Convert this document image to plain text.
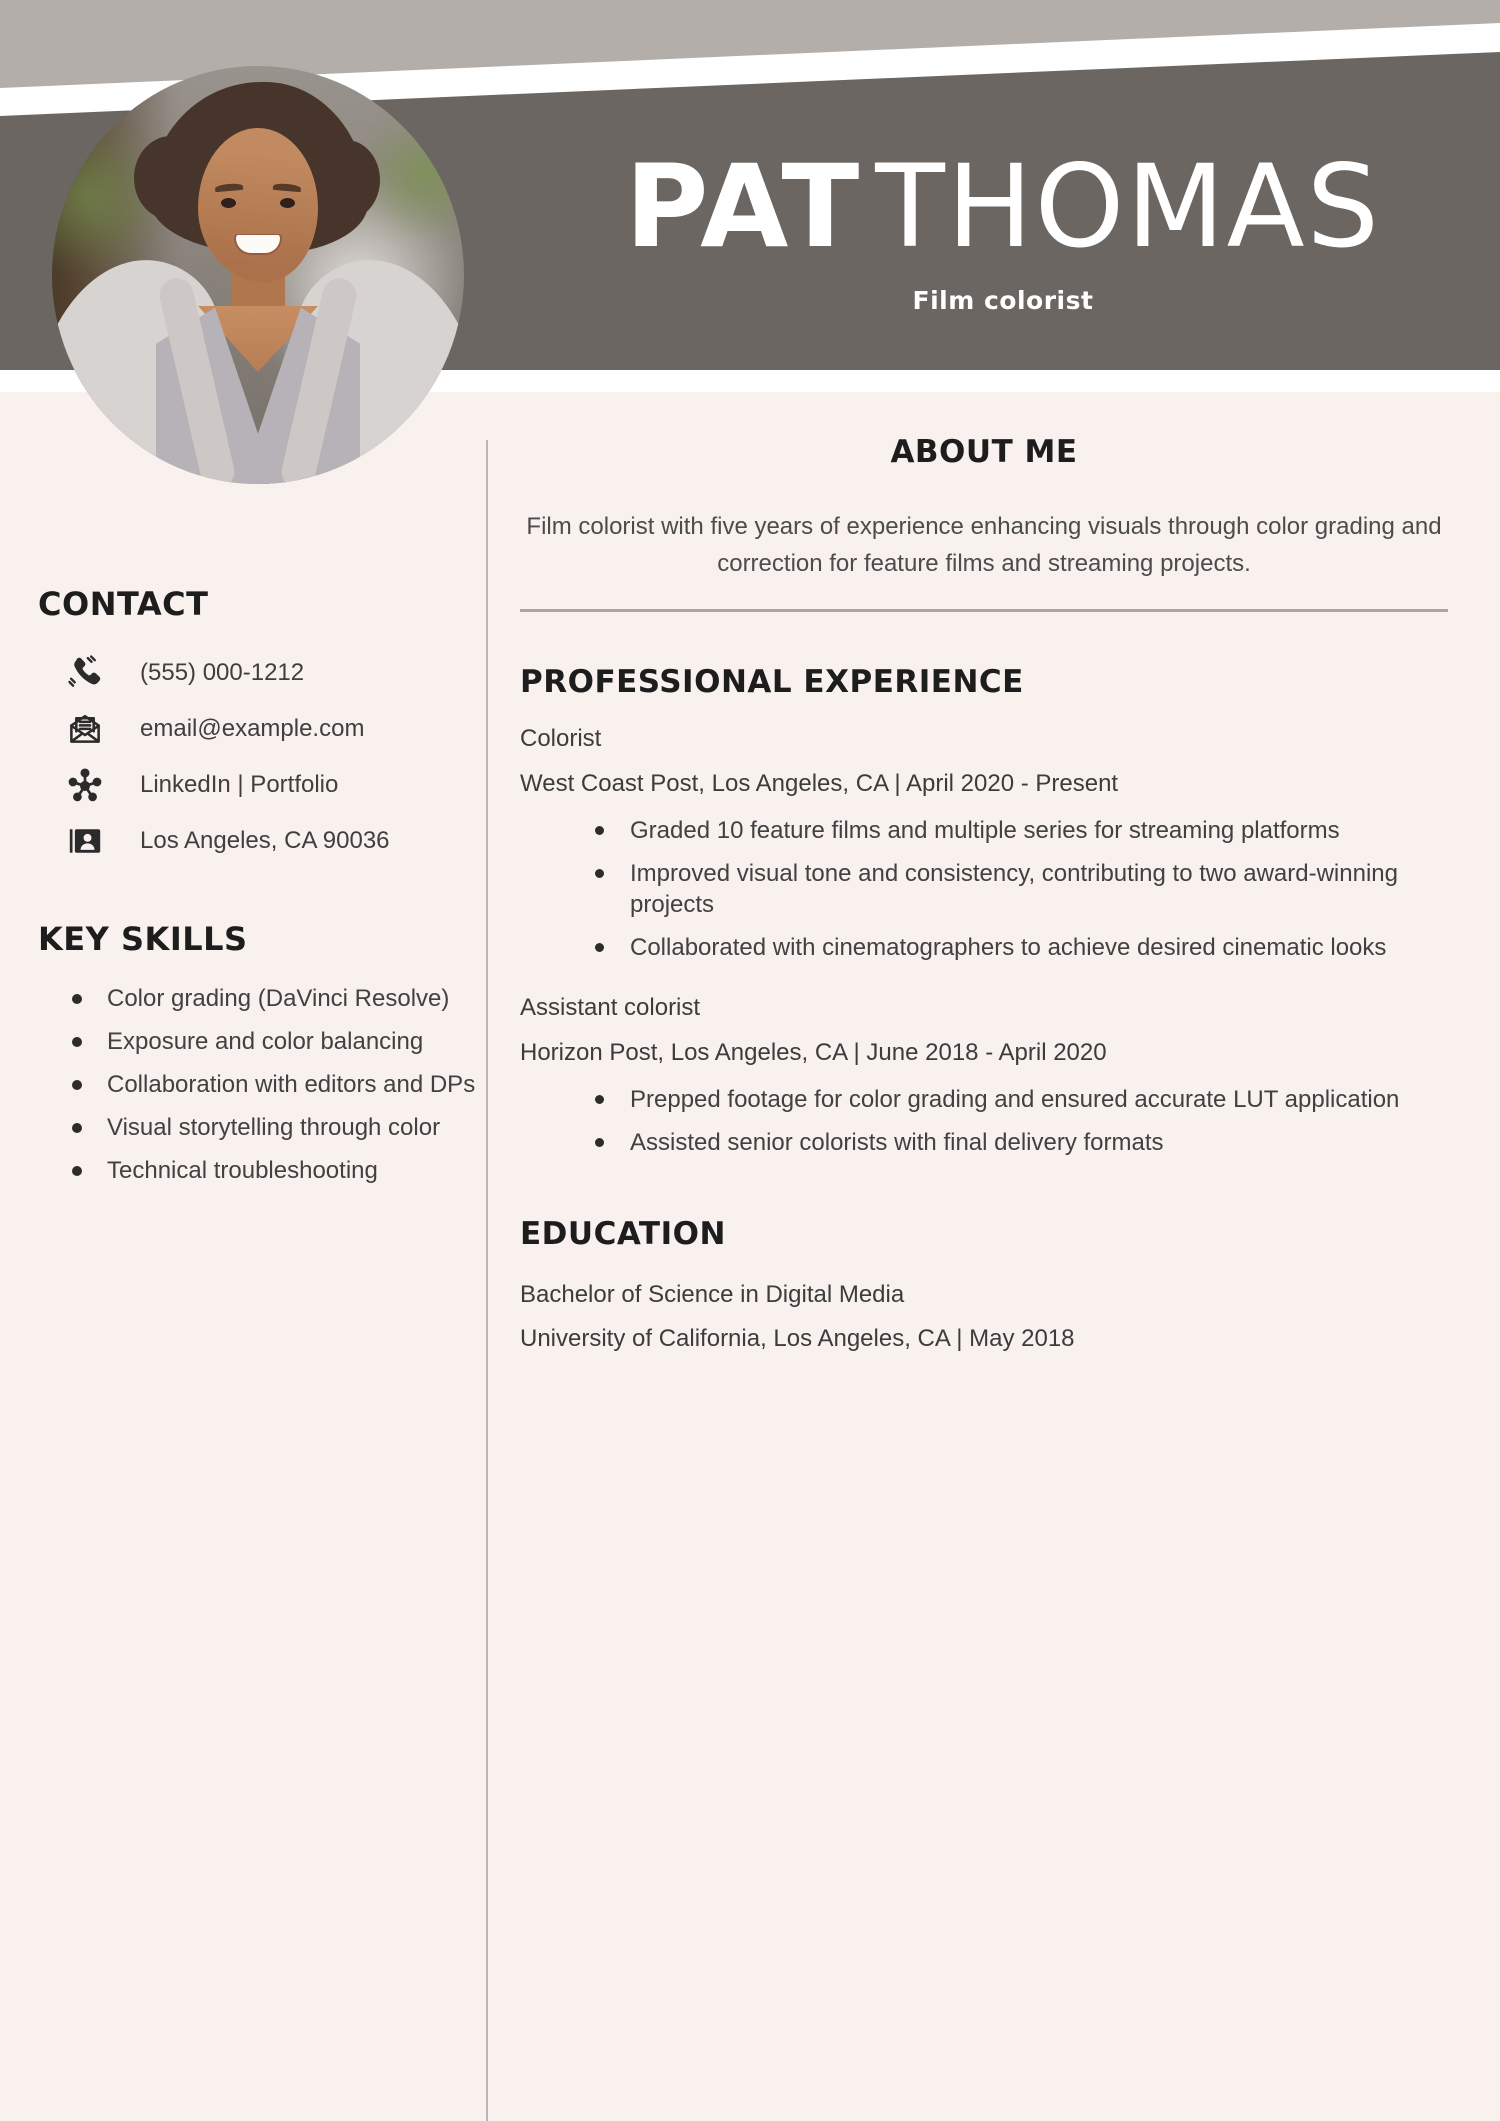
PAT THOMAS
Film colorist
CONTACT
(555) 000-1212
email@example.com
LinkedIn | Portfolio
Los Angeles, CA 90036
KEY SKILLS
Color grading (DaVinci Resolve)
Exposure and color balancing
Collaboration with editors and DPs
Visual storytelling through color
Technical troubleshooting
ABOUT ME
Film colorist with five years of experience enhancing visuals through color grading and correction for feature films and streaming projects.
PROFESSIONAL EXPERIENCE
Colorist
West Coast Post, Los Angeles, CA | April 2020 - Present
Graded 10 feature films and multiple series for streaming platforms
Improved visual tone and consistency, contributing to two award-winning projects
Collaborated with cinematographers to achieve desired cinematic looks
Assistant colorist
Horizon Post, Los Angeles, CA | June 2018 - April 2020
Prepped footage for color grading and ensured accurate LUT application
Assisted senior colorists with final delivery formats
EDUCATION
Bachelor of Science in Digital Media
University of California, Los Angeles, CA | May 2018
